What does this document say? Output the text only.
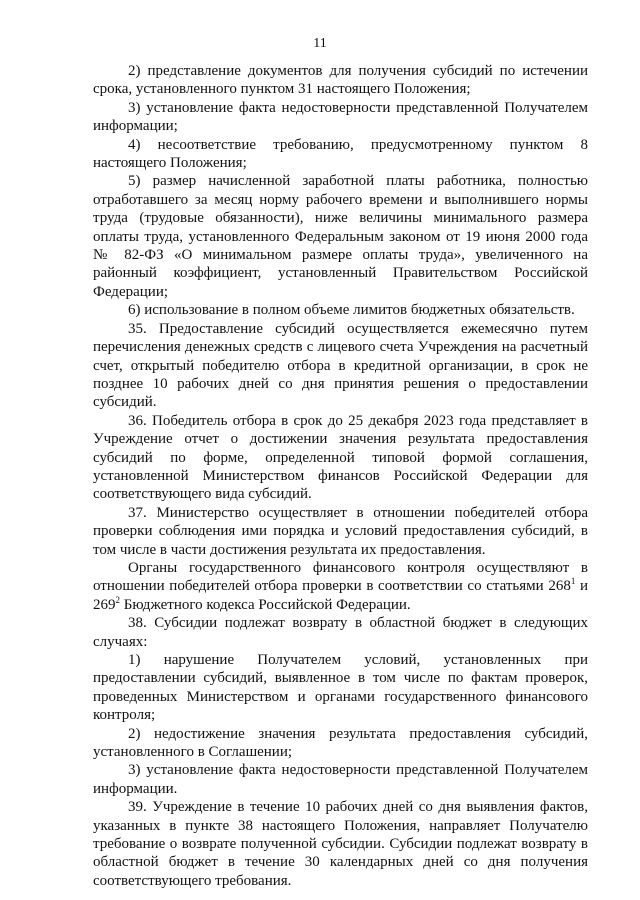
11

2) представление документов для получения субсидий по истечении срока, установленного пунктом 31 настоящего Положения;

3) установление факта недостоверности представленной Получателем информации;

4) несоответствие требованию, предусмотренному пунктом 8 настоящего Положения;

5) размер начисленной заработной платы работника, полностью отработавшего за месяц норму рабочего времени и выполнившего нормы труда (трудовые обязанности), ниже величины минимального размера оплаты труда, установленного Федеральным законом от 19 июня 2000 года № 82-ФЗ «О минимальном размере оплаты труда», увеличенного на районный коэффициент, установленный Правительством Российской Федерации;

6) использование в полном объеме лимитов бюджетных обязательств.

35. Предоставление субсидий осуществляется ежемесячно путем перечисления денежных средств с лицевого счета Учреждения на расчетный счет, открытый победителю отбора в кредитной организации, в срок не позднее 10 рабочих дней со дня принятия решения о предоставлении субсидий.

36. Победитель отбора в срок до 25 декабря 2023 года представляет в Учреждение отчет о достижении значения результата предоставления субсидий по форме, определенной типовой формой соглашения, установленной Министерством финансов Российской Федерации для соответствующего вида субсидий.

37. Министерство осуществляет в отношении победителей отбора проверки соблюдения ими порядка и условий предоставления субсидий, в том числе в части достижения результата их предоставления.

Органы государственного финансового контроля осуществляют в отношении победителей отбора проверки в соответствии со статьями $268^1$ и $269^2$ Бюджетного кодекса Российской Федерации.

38. Субсидии подлежат возврату в областной бюджет в следующих случаях:

1) нарушение Получателем условий, установленных при предоставлении субсидий, выявленное в том числе по фактам проверок, проведенных Министерством и органами государственного финансового контроля;

2) недостижение значения результата предоставления субсидий, установленного в Соглашении;

3) установление факта недостоверности представленной Получателем информации.

39. Учреждение в течение 10 рабочих дней со дня выявления фактов, указанных в пункте 38 настоящего Положения, направляет Получателю требование о возврате полученной субсидии. Субсидии подлежат возврату в областной бюджет в течение 30 календарных дней со дня получения соответствующего требования.
